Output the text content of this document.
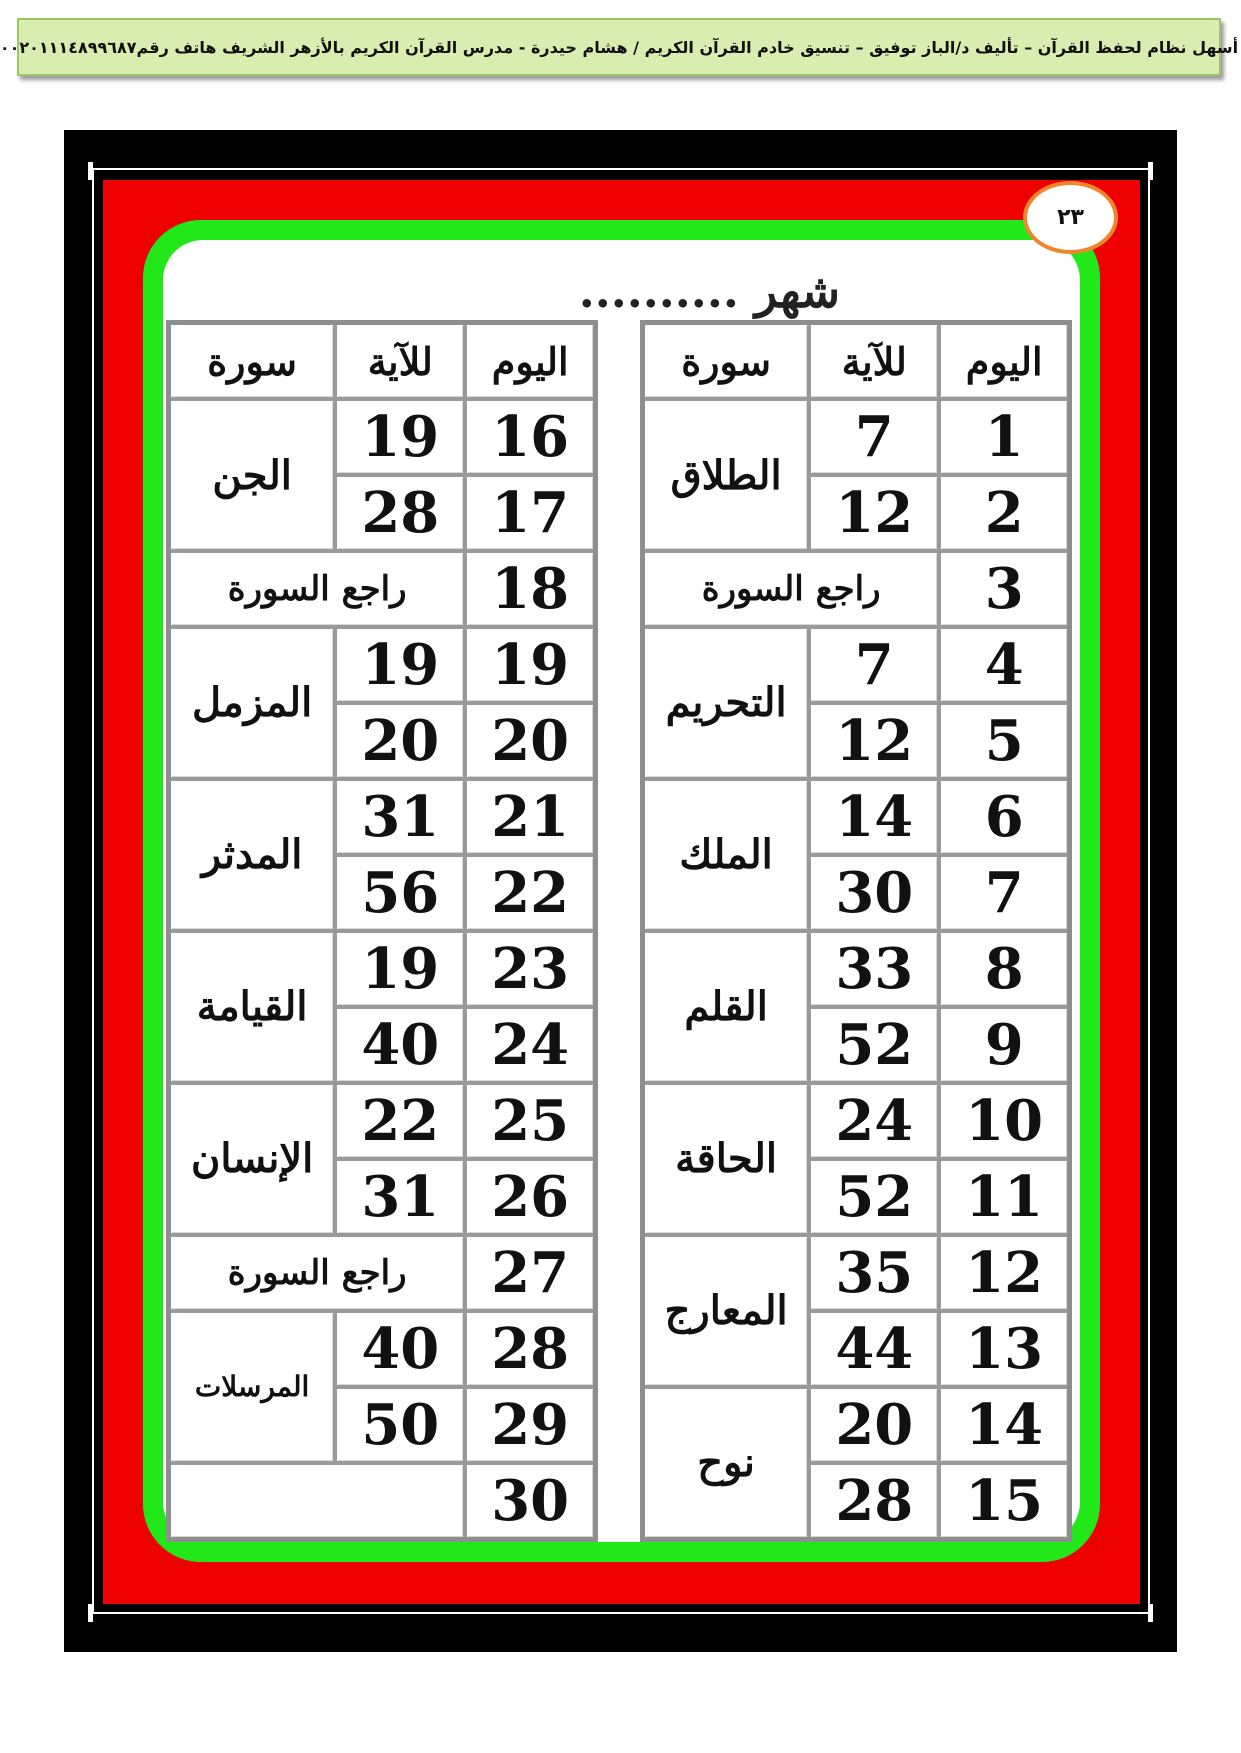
أسهل نظام لحفظ القرآن – تأليف د/الباز توفيق – تنسيق خادم القرآن الكريم / هشام حيدرة - مدرس القرآن الكريم بالأزهر الشريف هاتف رقم٠٠٢٠١١١٤٨٩٩٦٨٧
٢٣
شهر ..........
اليوم	للآية	سورة
1	7	الطلاق
2	12	
3	راجع السورة	
4	7	التحريم
5	12	
6	14	الملك
7	30	
8	33	القلم
9	52	
10	24	الحاقة
11	52	
12	35	المعارج
13	44	
14	20	نوح
15	28	
اليوم	للآية	سورة
16	19	الجن
17	28	
18	راجع السورة	
19	19	المزمل
20	20	
21	31	المدثر
22	56	
23	19	القيامة
24	40	
25	22	الإنسان
26	31	
27	راجع السورة	
28	40	المرسلات
29	50	
30		
